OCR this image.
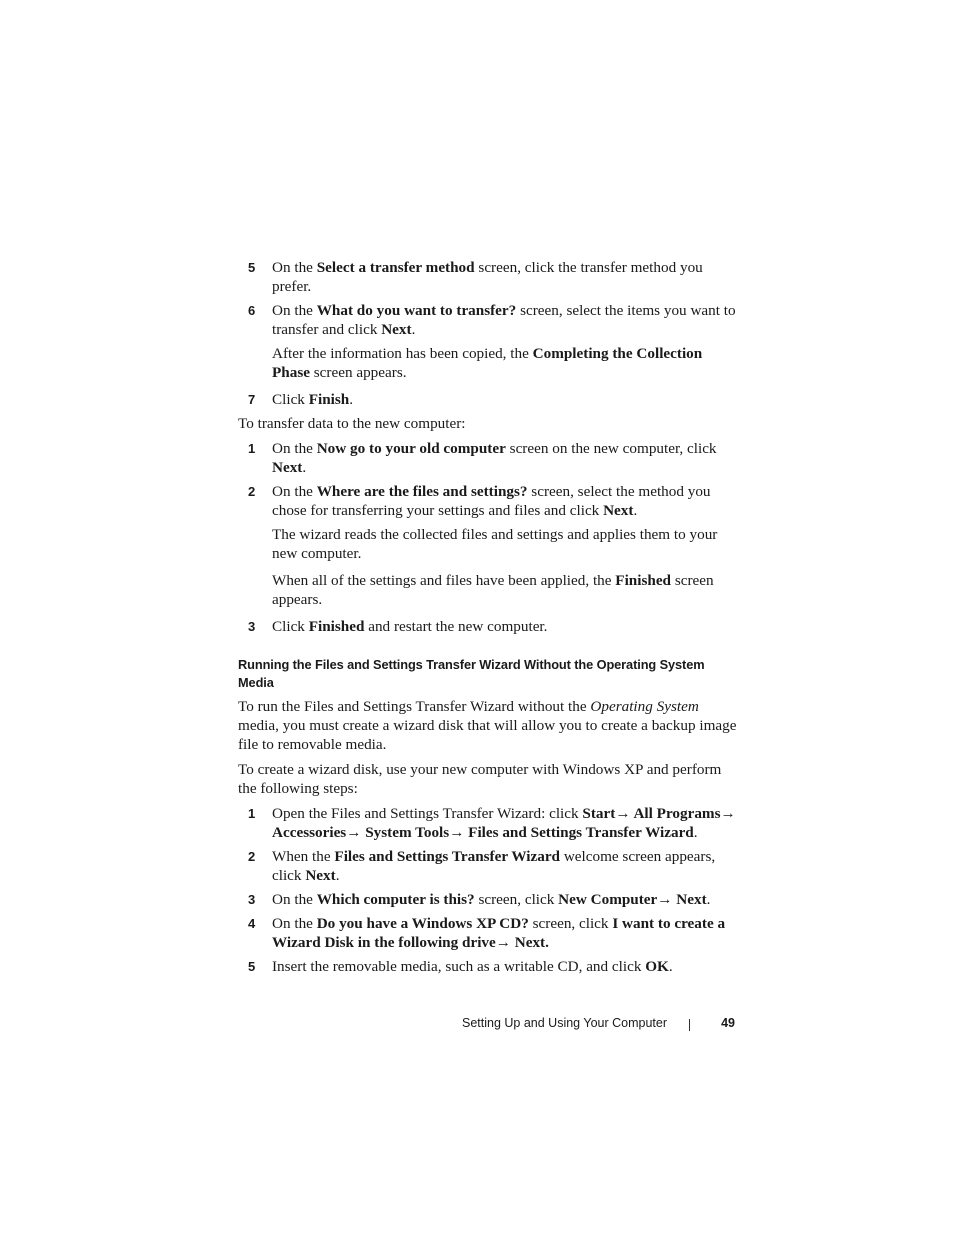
5 On the Select a transfer method screen, click the transfer method you prefer.
6 On the What do you want to transfer? screen, select the items you want to transfer and click Next.
After the information has been copied, the Completing the Collection Phase screen appears.
7 Click Finish.

To transfer data to the new computer:

1 On the Now go to your old computer screen on the new computer, click Next.
2 On the Where are the files and settings? screen, select the method you chose for transferring your settings and files and click Next.
The wizard reads the collected files and settings and applies them to your new computer.
When all of the settings and files have been applied, the Finished screen appears.
3 Click Finished and restart the new computer.
Running the Files and Settings Transfer Wizard Without the Operating System Media

To run the Files and Settings Transfer Wizard without the Operating System media, you must create a wizard disk that will allow you to create a backup image file to removable media.

To create a wizard disk, use your new computer with Windows XP and perform the following steps:

1 Open the Files and Settings Transfer Wizard: click Start→ All Programs→ Accessories→ System Tools→ Files and Settings Transfer Wizard.
2 When the Files and Settings Transfer Wizard welcome screen appears, click Next.
3 On the Which computer is this? screen, click New Computer→ Next.
4 On the Do you have a Windows XP CD? screen, click I want to create a Wizard Disk in the following drive→ Next.
5 Insert the removable media, such as a writable CD, and click OK.
Setting Up and Using Your Computer	49
